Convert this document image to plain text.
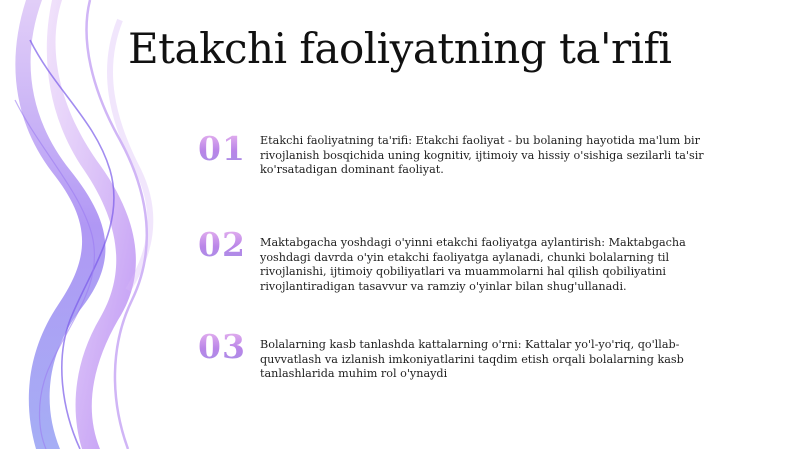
Etakchi faoliyatning ta'rifi
01 Etakchi faoliyatning ta'rifi: Etakchi faoliyat - bu bolaning hayotida ma'lum bir rivojlanish bosqichida uning kognitiv, ijtimoiy va hissiy o'sishiga sezilarli ta'sir ko'rsatadigan dominant faoliyat.
02 Maktabgacha yoshdagi o'yinni etakchi faoliyatga aylantirish: Maktabgacha yoshdagi davrda o'yin etakchi faoliyatga aylanadi, chunki bolalarning til rivojlanishi, ijtimoiy qobiliyatlari va muammolarni hal qilish qobiliyatini rivojlantiradigan tasavvur va ramziy o'yinlar bilan shug'ullanadi.
03 Bolalarning kasb tanlashda kattalarning o'rni: Kattalar yo'l-yo'riq, qo'llab-quvvatlash va izlanish imkoniyatlarini taqdim etish orqali bolalarning kasb tanlashlarida muhim rol o'ynaydi
